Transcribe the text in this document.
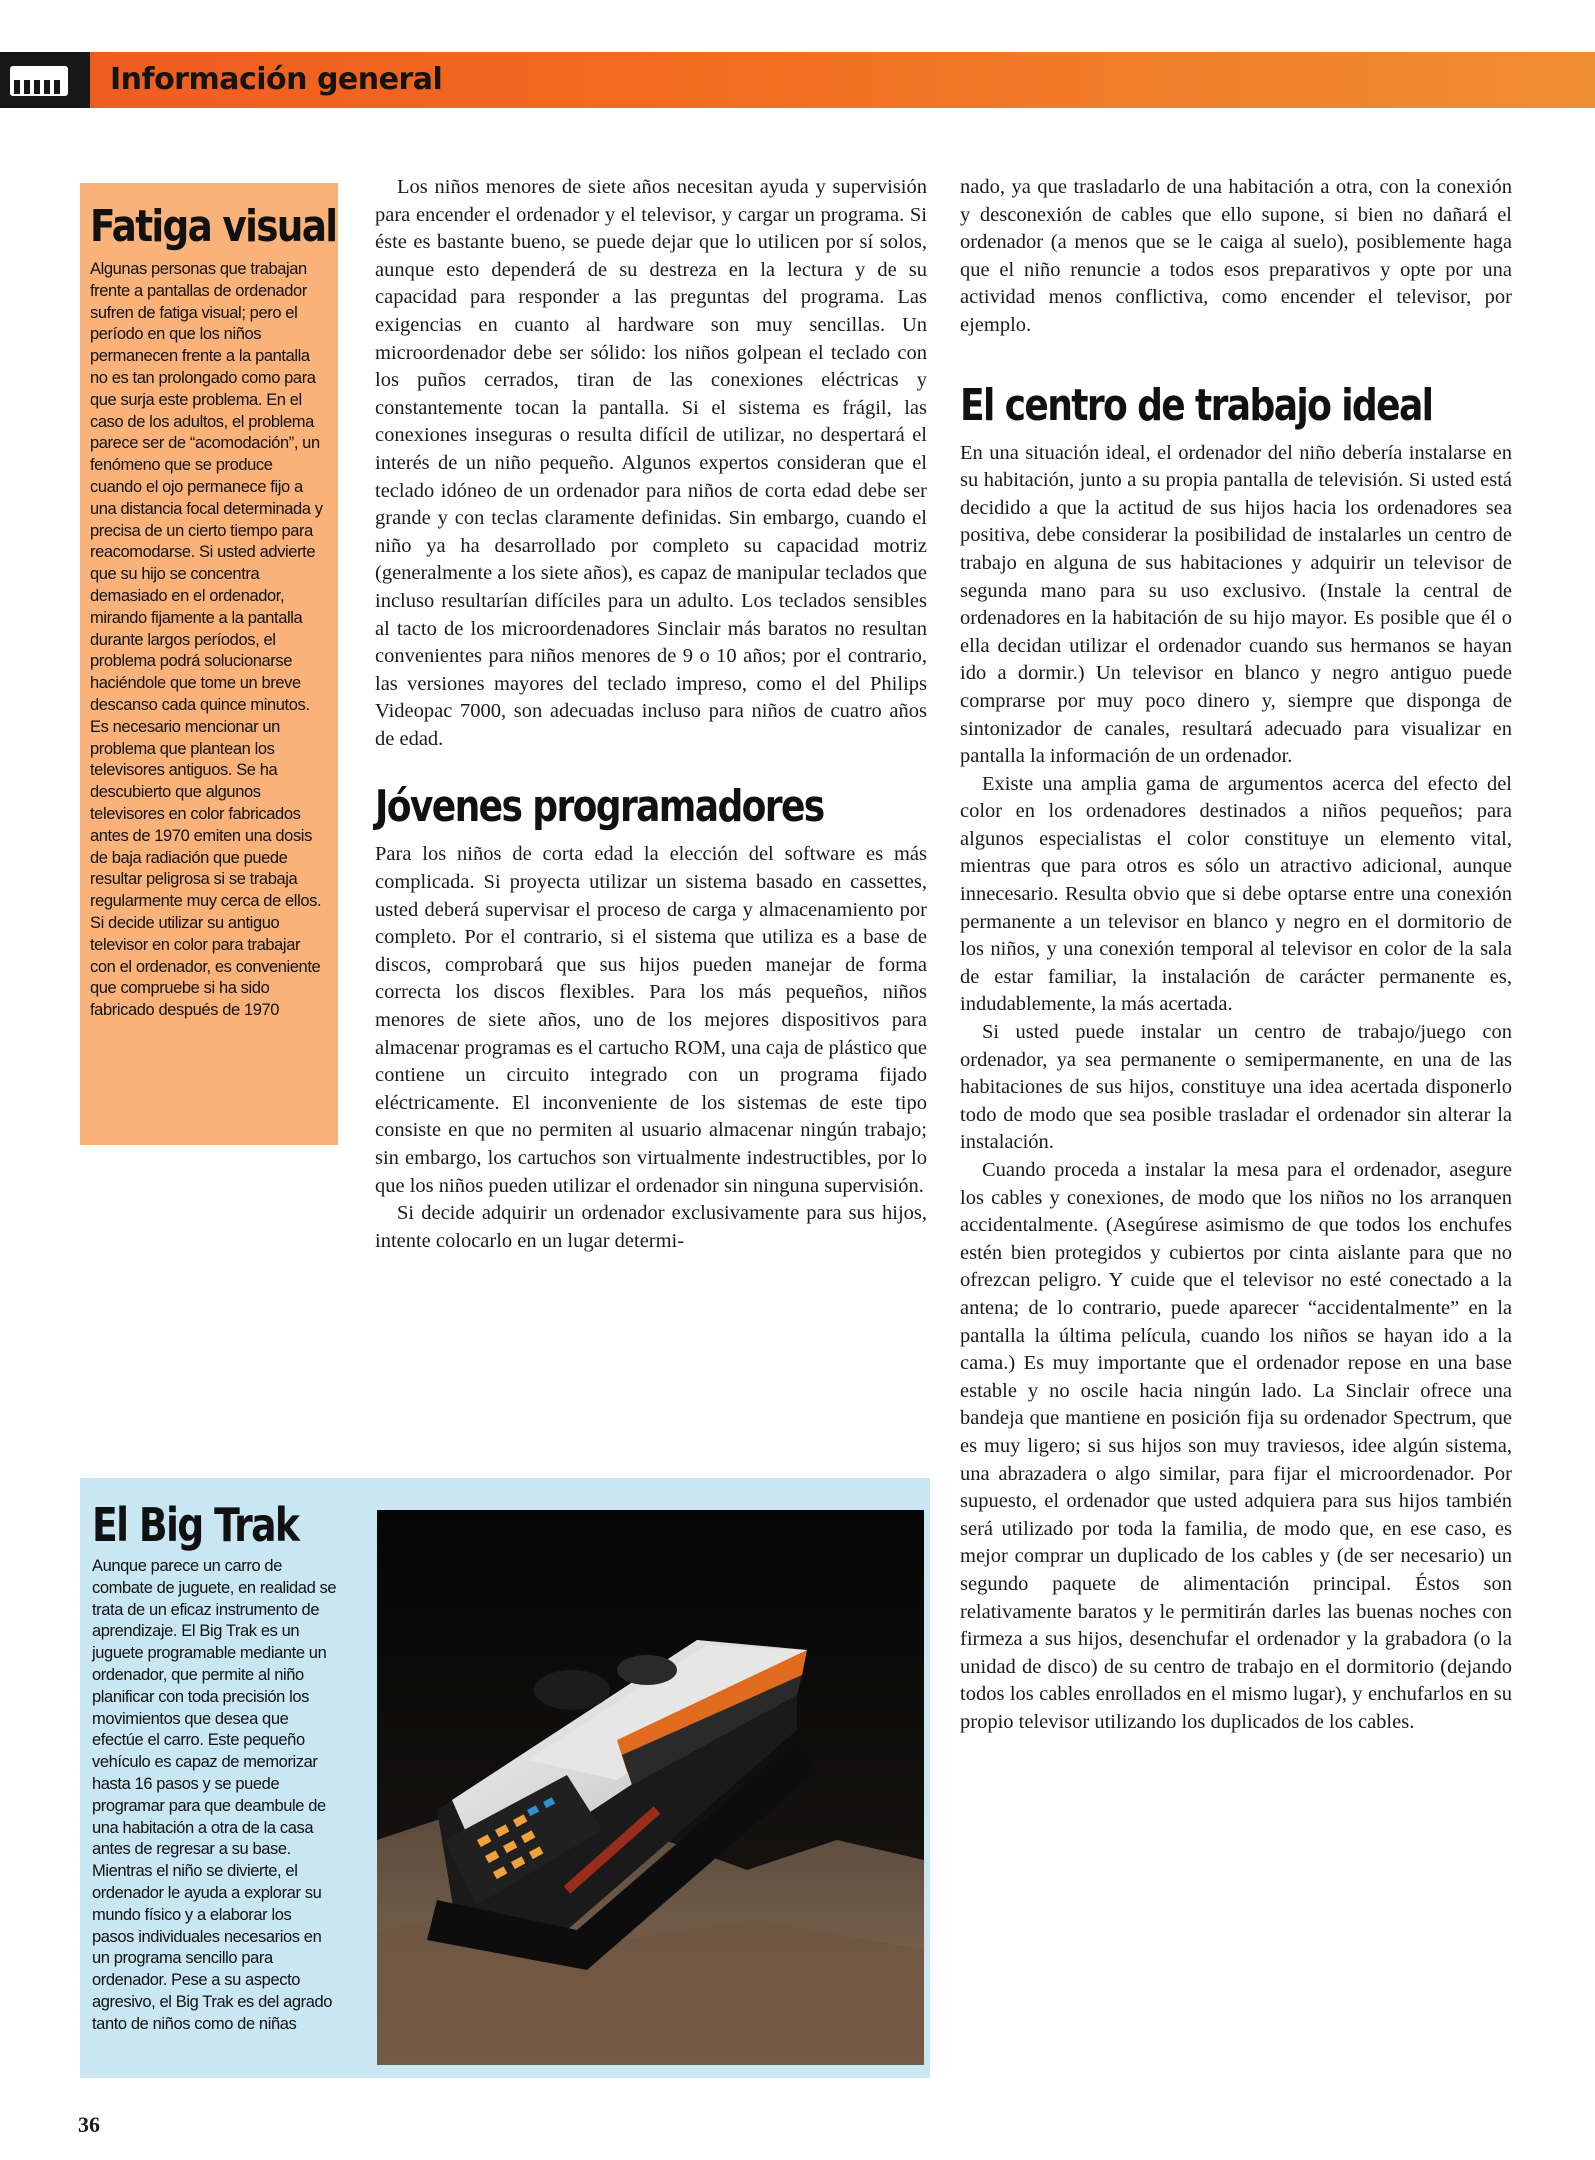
Información general
Fatiga visual

Algunas personas que trabajan frente a pantallas de ordenador sufren de fatiga visual; pero el período en que los niños permanecen frente a la pantalla no es tan prolongado como para que surja este problema. En el caso de los adultos, el problema parece ser de “acomodación”, un fenómeno que se produce cuando el ojo permanece fijo a una distancia focal determinada y precisa de un cierto tiempo para reacomodarse. Si usted advierte que su hijo se concentra demasiado en el ordenador, mirando fijamente a la pantalla durante largos períodos, el problema podrá solucionarse haciéndole que tome un breve descanso cada quince minutos.

Es necesario mencionar un problema que plantean los televisores antiguos. Se ha descubierto que algunos televisores en color fabricados antes de 1970 emiten una dosis de baja radiación que puede resultar peligrosa si se trabaja regularmente muy cerca de ellos. Si decide utilizar su antiguo televisor en color para trabajar con el ordenador, es conveniente que compruebe si ha sido fabricado después de 1970

Los niños menores de siete años necesitan ayuda y supervisión para encender el ordenador y el televisor, y cargar un programa. Si éste es bastante bueno, se puede dejar que lo utilicen por sí solos, aunque esto dependerá de su destreza en la lectura y de su capacidad para responder a las preguntas del programa. Las exigencias en cuanto al hardware son muy sencillas. Un microordenador debe ser sólido: los niños golpean el teclado con los puños cerrados, tiran de las conexiones eléctricas y constantemente tocan la pantalla. Si el sistema es frágil, las conexiones inseguras o resulta difícil de utilizar, no despertará el interés de un niño pequeño. Algunos expertos consideran que el teclado idóneo de un ordenador para niños de corta edad debe ser grande y con teclas claramente definidas. Sin embargo, cuando el niño ya ha desarrollado por completo su capacidad motriz (generalmente a los siete años), es capaz de manipular teclados que incluso resultarían difíciles para un adulto. Los teclados sensibles al tacto de los microordenadores Sinclair más baratos no resultan convenientes para niños menores de 9 o 10 años; por el contrario, las versiones mayores del teclado impreso, como el del Philips Videopac 7000, son adecuadas incluso para niños de cuatro años de edad.

Jóvenes programadores

Para los niños de corta edad la elección del software es más complicada. Si proyecta utilizar un sistema basado en cassettes, usted deberá supervisar el proceso de carga y almacenamiento por completo. Por el contrario, si el sistema que utiliza es a base de discos, comprobará que sus hijos pueden manejar de forma correcta los discos flexibles. Para los más pequeños, niños menores de siete años, uno de los mejores dispositivos para almacenar programas es el cartucho ROM, una caja de plástico que contiene un circuito integrado con un programa fijado eléctricamente. El inconveniente de los sistemas de este tipo consiste en que no permiten al usuario almacenar ningún trabajo; sin embargo, los cartuchos son virtualmente indestructibles, por lo que los niños pueden utilizar el ordenador sin ninguna supervisión.

Si decide adquirir un ordenador exclusivamente para sus hijos, intente colocarlo en un lugar determi-

nado, ya que trasladarlo de una habitación a otra, con la conexión y desconexión de cables que ello supone, si bien no dañará el ordenador (a menos que se le caiga al suelo), posiblemente haga que el niño renuncie a todos esos preparativos y opte por una actividad menos conflictiva, como encender el televisor, por ejemplo.

El centro de trabajo ideal

En una situación ideal, el ordenador del niño debería instalarse en su habitación, junto a su propia pantalla de televisión. Si usted está decidido a que la actitud de sus hijos hacia los ordenadores sea positiva, debe considerar la posibilidad de instalarles un centro de trabajo en alguna de sus habitaciones y adquirir un televisor de segunda mano para su uso exclusivo. (Instale la central de ordenadores en la habitación de su hijo mayor. Es posible que él o ella decidan utilizar el ordenador cuando sus hermanos se hayan ido a dormir.) Un televisor en blanco y negro antiguo puede comprarse por muy poco dinero y, siempre que disponga de sintonizador de canales, resultará adecuado para visualizar en pantalla la información de un ordenador.

Existe una amplia gama de argumentos acerca del efecto del color en los ordenadores destinados a niños pequeños; para algunos especialistas el color constituye un elemento vital, mientras que para otros es sólo un atractivo adicional, aunque innecesario. Resulta obvio que si debe optarse entre una conexión permanente a un televisor en blanco y negro en el dormitorio de los niños, y una conexión temporal al televisor en color de la sala de estar familiar, la instalación de carácter permanente es, indudablemente, la más acertada.

Si usted puede instalar un centro de trabajo/juego con ordenador, ya sea permanente o semipermanente, en una de las habitaciones de sus hijos, constituye una idea acertada disponerlo todo de modo que sea posible trasladar el ordenador sin alterar la instalación.

Cuando proceda a instalar la mesa para el ordenador, asegure los cables y conexiones, de modo que los niños no los arranquen accidentalmente. (Asegúrese asimismo de que todos los enchufes estén bien protegidos y cubiertos por cinta aislante para que no ofrezcan peligro. Y cuide que el televisor no esté conectado a la antena; de lo contrario, puede aparecer “accidentalmente” en la pantalla la última película, cuando los niños se hayan ido a la cama.) Es muy importante que el ordenador repose en una base estable y no oscile hacia ningún lado. La Sinclair ofrece una bandeja que mantiene en posición fija su ordenador Spectrum, que es muy ligero; si sus hijos son muy traviesos, idee algún sistema, una abrazadera o algo similar, para fijar el microordenador. Por supuesto, el ordenador que usted adquiera para sus hijos también será utilizado por toda la familia, de modo que, en ese caso, es mejor comprar un duplicado de los cables y (de ser necesario) un segundo paquete de alimentación principal. Éstos son relativamente baratos y le permitirán darles las buenas noches con firmeza a sus hijos, desenchufar el ordenador y la grabadora (o la unidad de disco) de su centro de trabajo en el dormitorio (dejando todos los cables enrollados en el mismo lugar), y enchufarlos en su propio televisor utilizando los duplicados de los cables.

El Big Trak
Aunque parece un carro de combate de juguete, en realidad se trata de un eficaz instrumento de aprendizaje. El Big Trak es un juguete programable mediante un ordenador, que permite al niño planificar con toda precisión los movimientos que desea que efectúe el carro. Este pequeño vehículo es capaz de memorizar hasta 16 pasos y se puede programar para que deambule de una habitación a otra de la casa antes de regresar a su base. Mientras el niño se divierte, el ordenador le ayuda a explorar su mundo físico y a elaborar los pasos individuales necesarios en un programa sencillo para ordenador. Pese a su aspecto agresivo, el Big Trak es del agrado tanto de niños como de niñas
36
